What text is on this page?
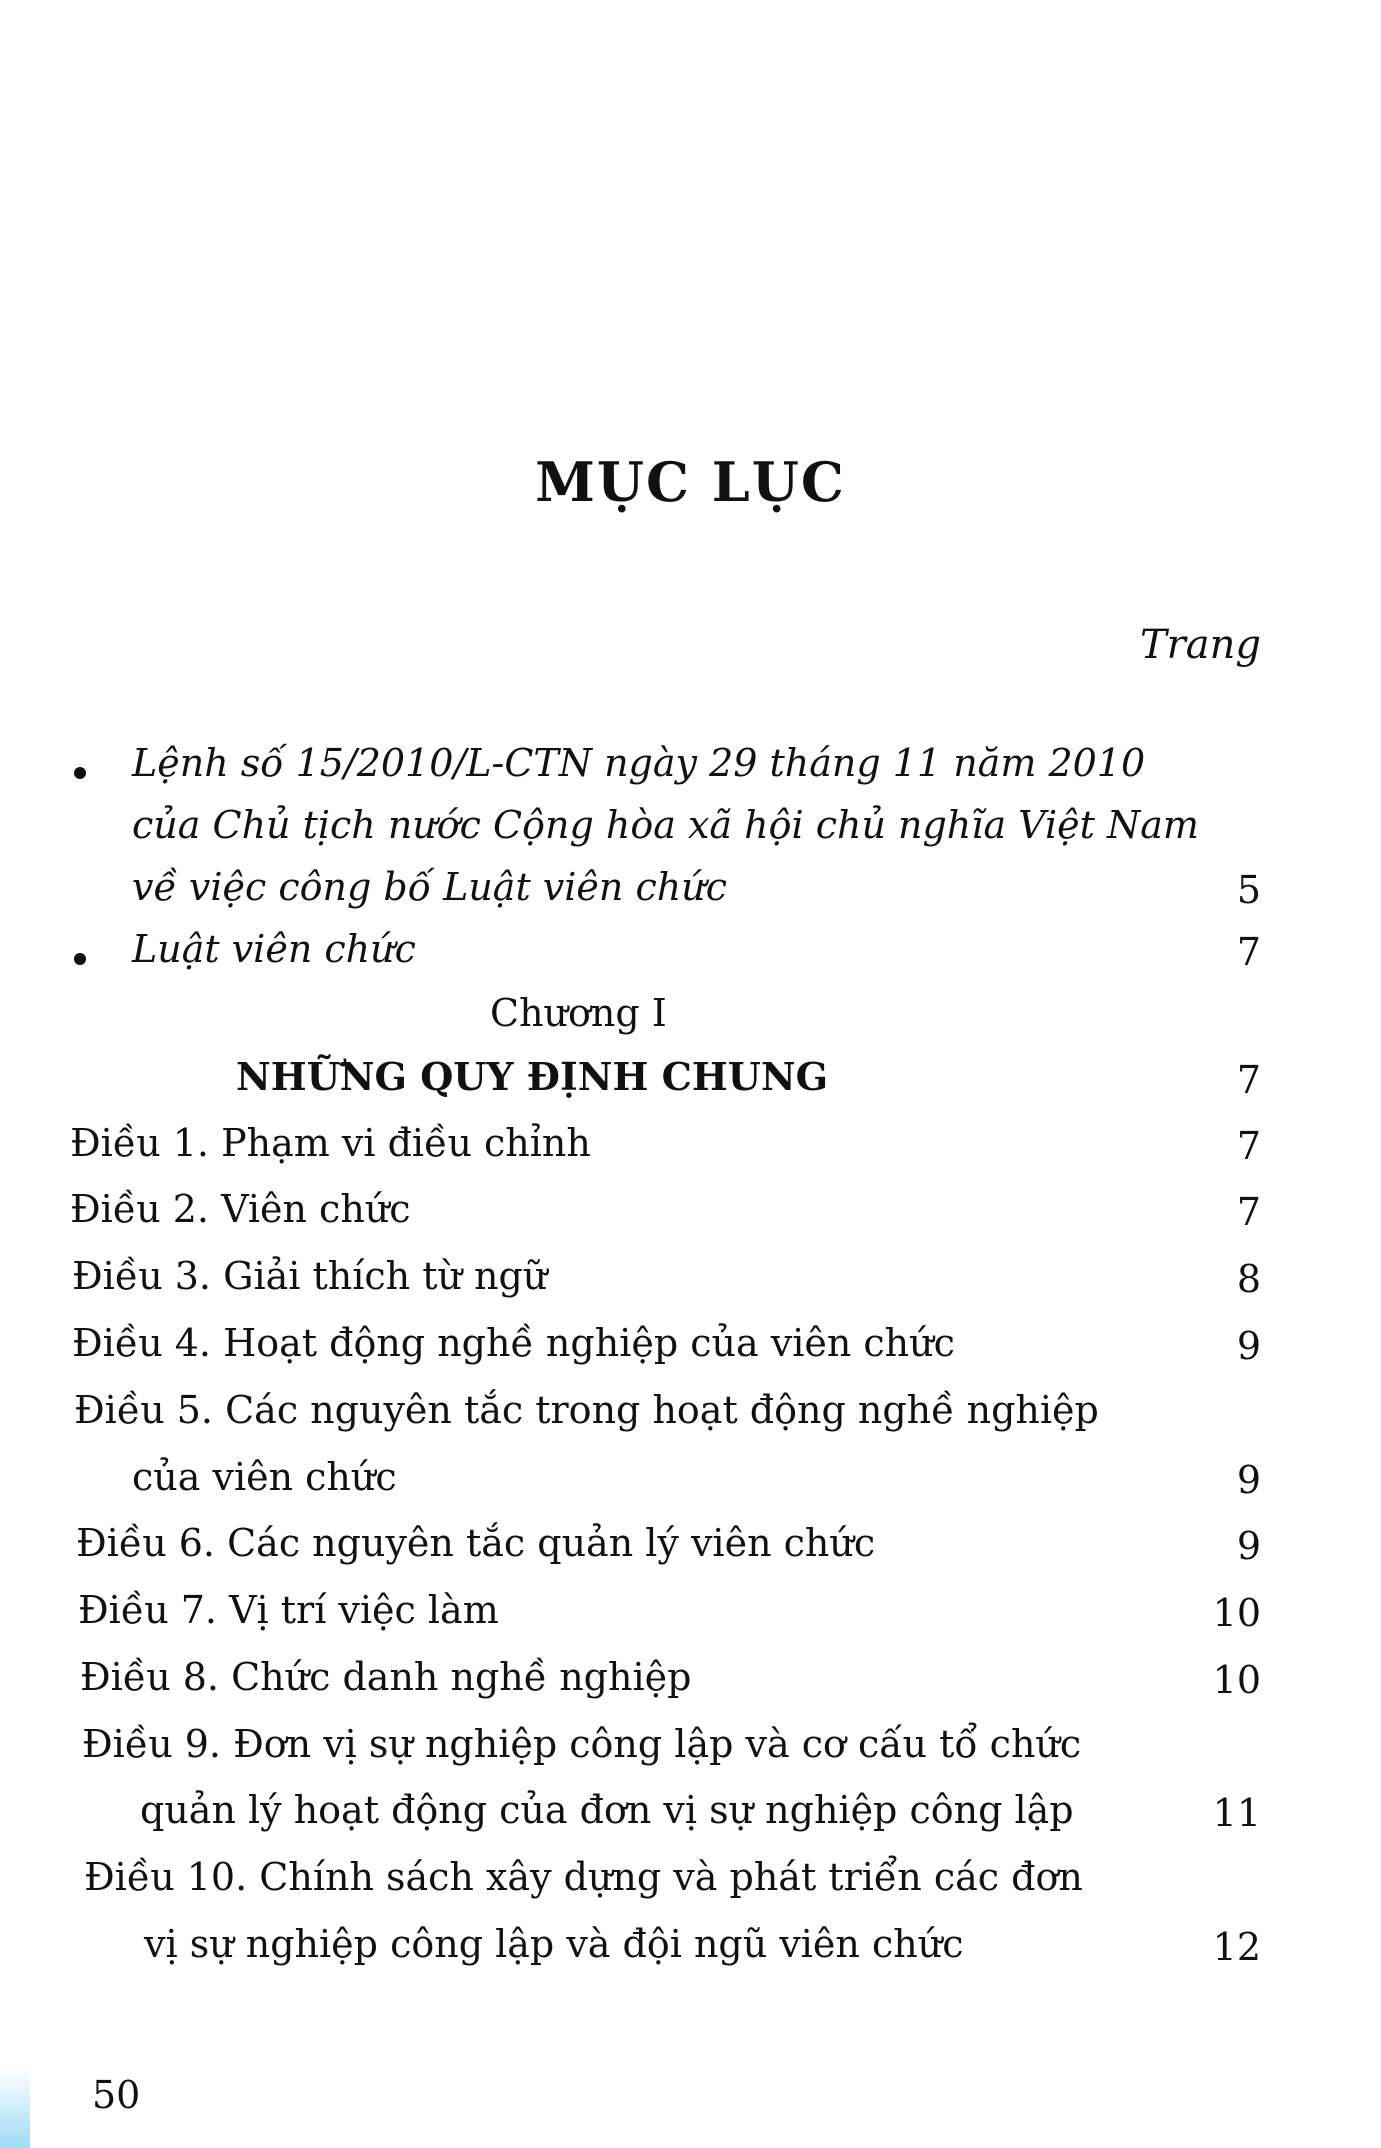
MỤC LỤC
Trang
Lệnh số 15/2010/L-CTN ngày 29 tháng 11 năm 2010
của Chủ tịch nước Cộng hòa xã hội chủ nghĩa Việt Nam
về việc công bố Luật viên chức	5
Luật viên chức	7
Chương I
NHỮNG QUY ĐỊNH CHUNG	7
Điều 1. Phạm vi điều chỉnh	7
Điều 2. Viên chức	7
Điều 3. Giải thích từ ngữ	8
Điều 4. Hoạt động nghề nghiệp của viên chức	9
Điều 5. Các nguyên tắc trong hoạt động nghề nghiệp
của viên chức	9
Điều 6. Các nguyên tắc quản lý viên chức	9
Điều 7. Vị trí việc làm	10
Điều 8. Chức danh nghề nghiệp	10
Điều 9. Đơn vị sự nghiệp công lập và cơ cấu tổ chức
quản lý hoạt động của đơn vị sự nghiệp công lập	11
Điều 10. Chính sách xây dựng và phát triển các đơn
vị sự nghiệp công lập và đội ngũ viên chức	12
50
